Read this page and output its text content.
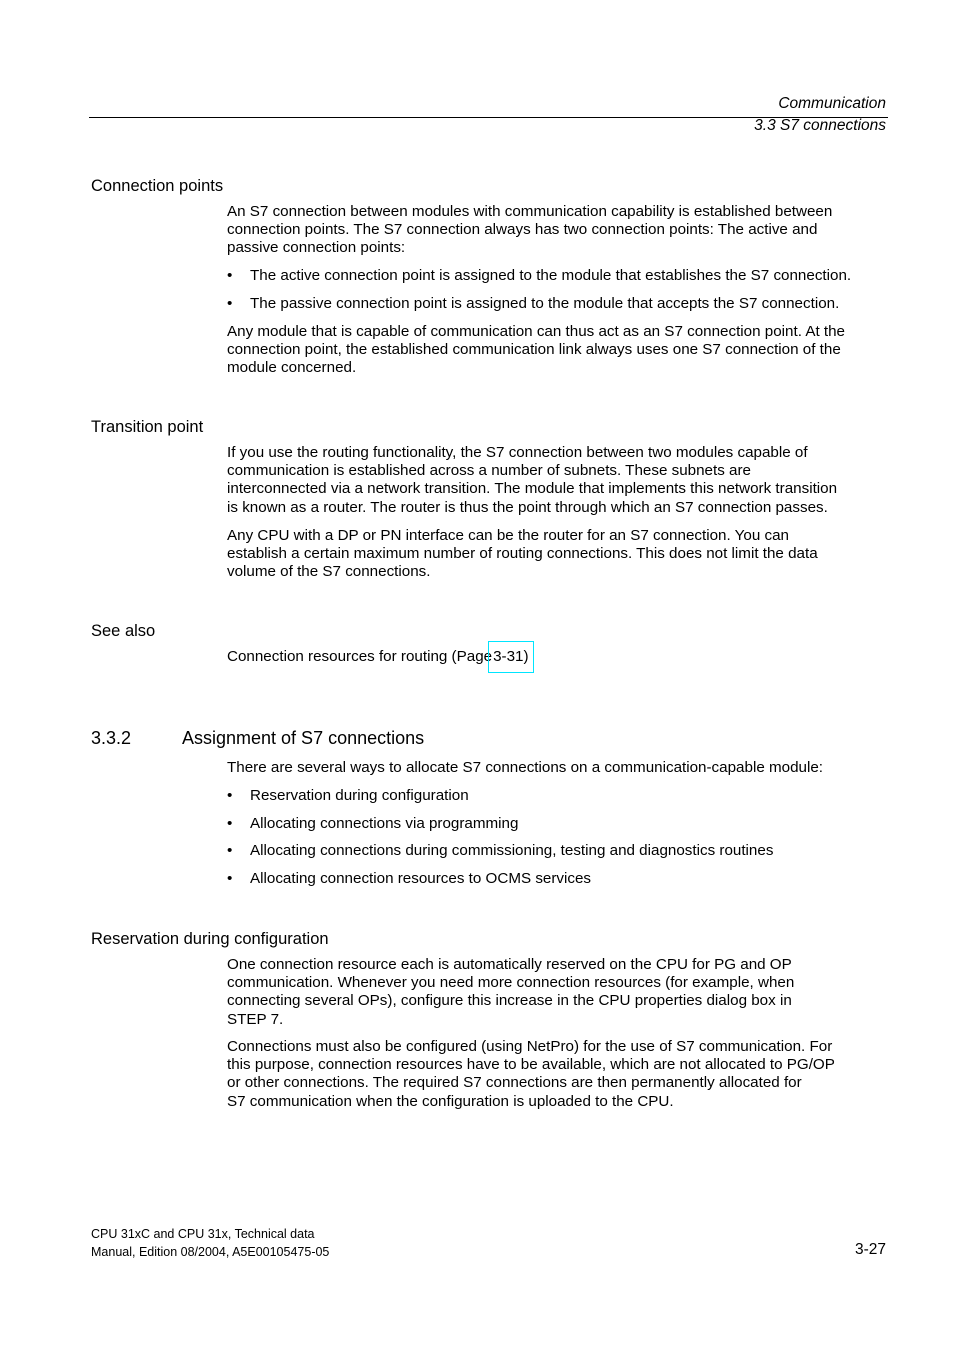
Communication
3.3 S7 connections
Connection points

An S7 connection between modules with communication capability is established between

connection points. The S7 connection always has two connection points: The active and

passive connection points:

• The active connection point is assigned to the module that establishes the S7 connection.
• The passive connection point is assigned to the module that accepts the S7 connection.

Any module that is capable of communication can thus act as an S7 connection point. At the

connection point, the established communication link always uses one S7 connection of the

module concerned.

Transition point

If you use the routing functionality, the S7 connection between two modules capable of

communication is established across a number of subnets. These subnets are

interconnected via a network transition. The module that implements this network transition

is known as a router. The router is thus the point through which an S7 connection passes.

Any CPU with a DP or PN interface can be the router for an S7 connection. You can

establish a certain maximum number of routing connections. This does not limit the data

volume of the S7 connections.

See also
Connection resources for routing (Page3-31)
3.3.2	Assignment of S7 connections

There are several ways to allocate S7 connections on a communication-capable module:

• Reservation during configuration
• Allocating connections via programming
• Allocating connections during commissioning, testing and diagnostics routines
• Allocating connection resources to OCMS services
Reservation during configuration

One connection resource each is automatically reserved on the CPU for PG and OP

communication. Whenever you need more connection resources (for example, when

connecting several OPs), configure this increase in the CPU properties dialog box in

STEP 7.

Connections must also be configured (using NetPro) for the use of S7 communication. For

this purpose, connection resources have to be available, which are not allocated to PG/OP

or other connections. The required S7 connections are then permanently allocated for

S7 communication when the configuration is uploaded to the CPU.

CPU 31xC and CPU 31x, Technical data
Manual, Edition 08/2004, A5E00105475-05	3-27
